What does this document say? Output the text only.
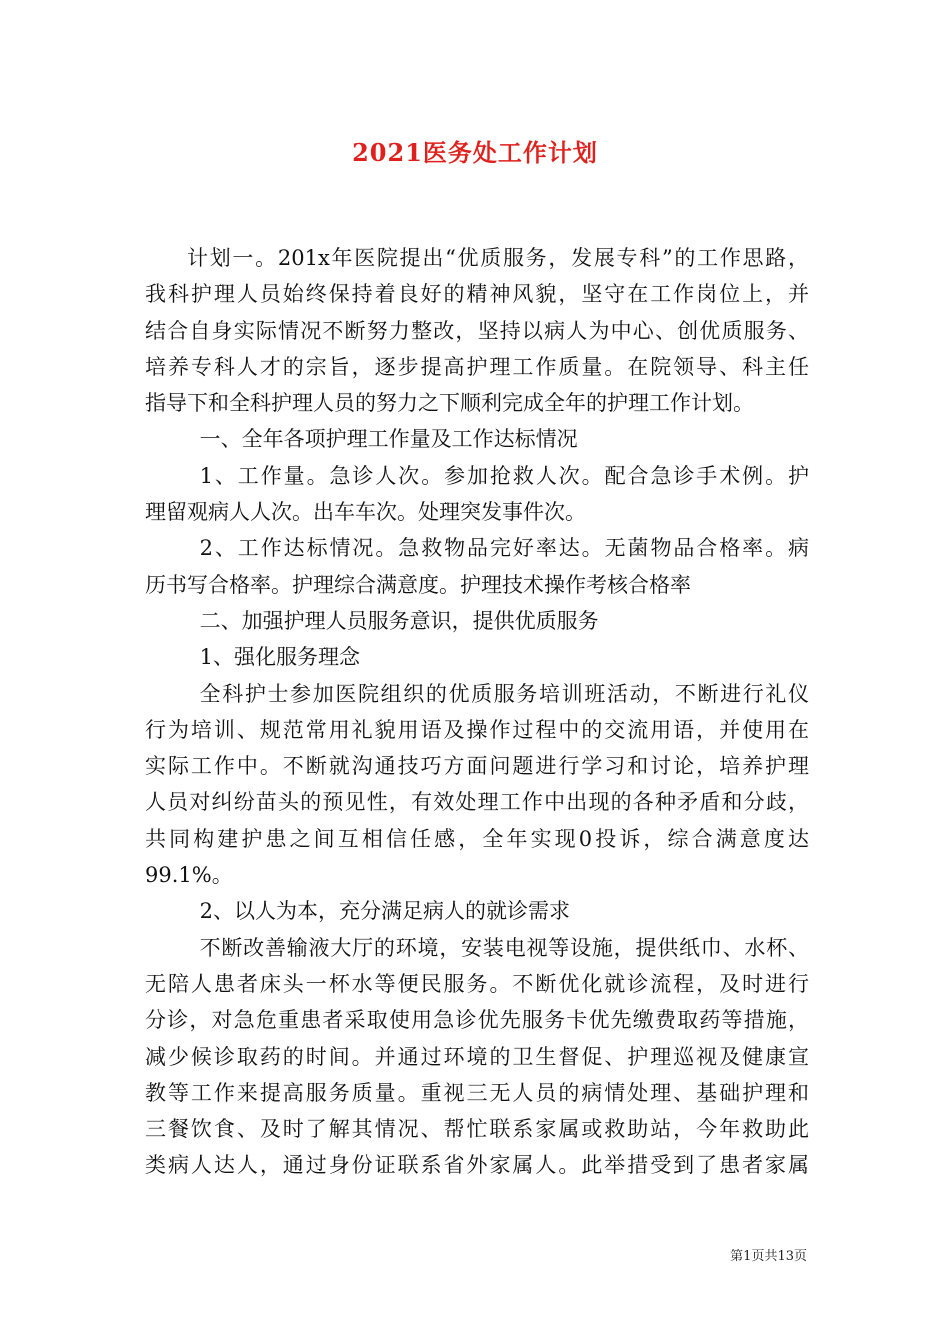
2021医务处工作计划
计划一。201x年医院提出“优质服务，发展专科”的工作思路，
我科护理人员始终保持着良好的精神风貌，坚守在工作岗位上，并
结合自身实际情况不断努力整改，坚持以病人为中心、创优质服务、
培养专科人才的宗旨，逐步提高护理工作质量。在院领导、科主任
指导下和全科护理人员的努力之下顺利完成全年的护理工作计划。
一、全年各项护理工作量及工作达标情况
1、工作量。急诊人次。参加抢救人次。配合急诊手术例。护
理留观病人人次。出车车次。处理突发事件次。
2、工作达标情况。急救物品完好率达。无菌物品合格率。病
历书写合格率。护理综合满意度。护理技术操作考核合格率
二、加强护理人员服务意识，提供优质服务
1、强化服务理念
全科护士参加医院组织的优质服务培训班活动，不断进行礼仪
行为培训、规范常用礼貌用语及操作过程中的交流用语，并使用在
实际工作中。不断就沟通技巧方面问题进行学习和讨论，培养护理
人员对纠纷苗头的预见性，有效处理工作中出现的各种矛盾和分歧，
共同构建护患之间互相信任感，全年实现0投诉，综合满意度达
99.1%。
2、以人为本，充分满足病人的就诊需求
不断改善输液大厅的环境，安装电视等设施，提供纸巾、水杯、
无陪人患者床头一杯水等便民服务。不断优化就诊流程，及时进行
分诊，对急危重患者采取使用急诊优先服务卡优先缴费取药等措施，
减少候诊取药的时间。并通过环境的卫生督促、护理巡视及健康宣
教等工作来提高服务质量。重视三无人员的病情处理、基础护理和
三餐饮食、及时了解其情况、帮忙联系家属或救助站，今年救助此
类病人达人，通过身份证联系省外家属人。此举措受到了患者家属
第1页共13页
